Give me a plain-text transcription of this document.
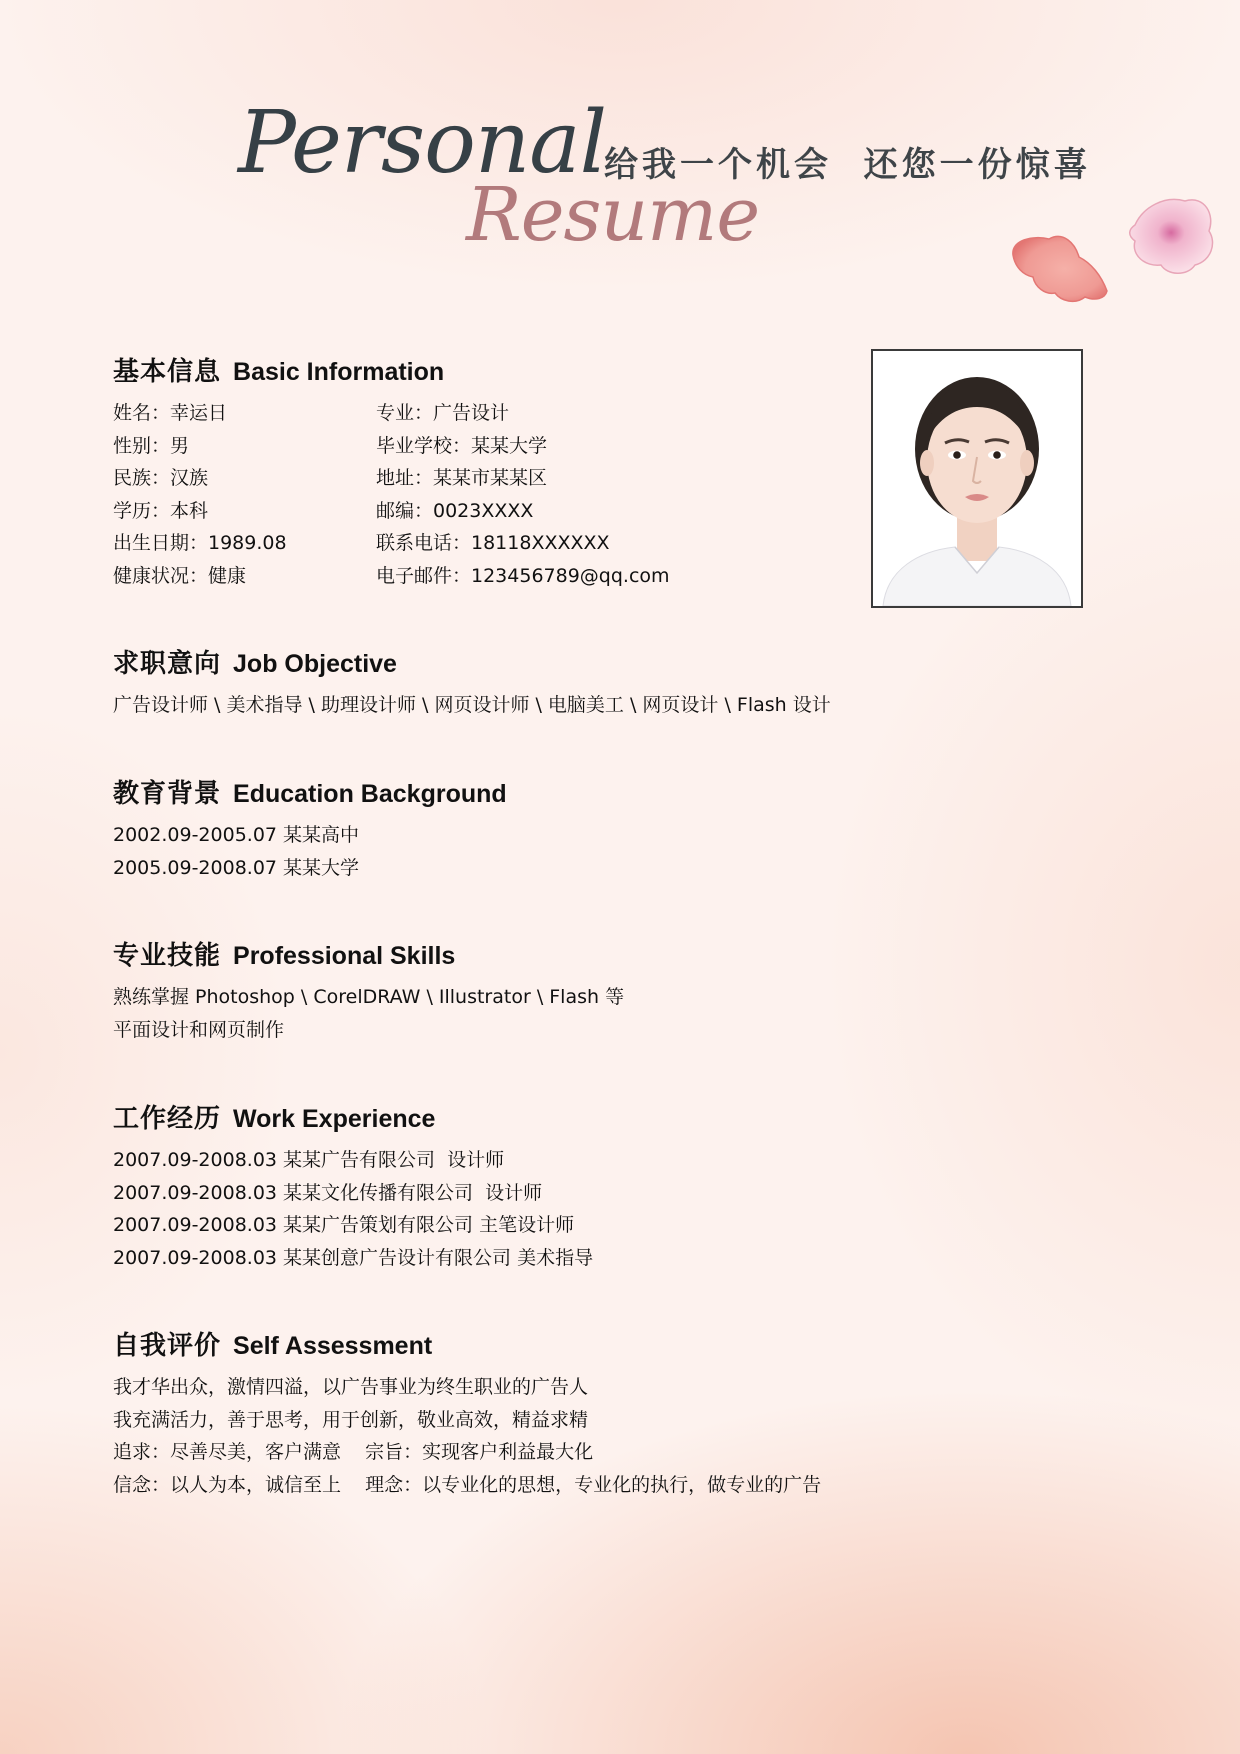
Personal
Resume
给我一个机会  还您一份惊喜
基本信息 Basic Information
姓名：幸运日	专业：广告设计
性别：男	毕业学校：某某大学
民族：汉族	地址：某某市某某区
学历：本科	邮编：0023XXXX
出生日期：1989.08	联系电话：18118XXXXXX
健康状况：健康	电子邮件：123456789@qq.com
求职意向 Job Objective
广告设计师 \ 美术指导 \ 助理设计师 \ 网页设计师 \ 电脑美工 \ 网页设计 \ Flash 设计
教育背景 Education Background
2002.09-2005.07 某某高中
2005.09-2008.07 某某大学
专业技能 Professional Skills
熟练掌握 Photoshop \ CorelDRAW \ Illustrator \ Flash 等
平面设计和网页制作
工作经历 Work Experience
2007.09-2008.03 某某广告有限公司  设计师
2007.09-2008.03 某某文化传播有限公司  设计师
2007.09-2008.03 某某广告策划有限公司 主笔设计师
2007.09-2008.03 某某创意广告设计有限公司 美术指导
自我评价 Self Assessment
我才华出众，激情四溢，以广告事业为终生职业的广告人
我充满活力，善于思考，用于创新，敬业高效，精益求精
追求：尽善尽美，客户满意    宗旨：实现客户利益最大化
信念：以人为本，诚信至上    理念：以专业化的思想，专业化的执行，做专业的广告
